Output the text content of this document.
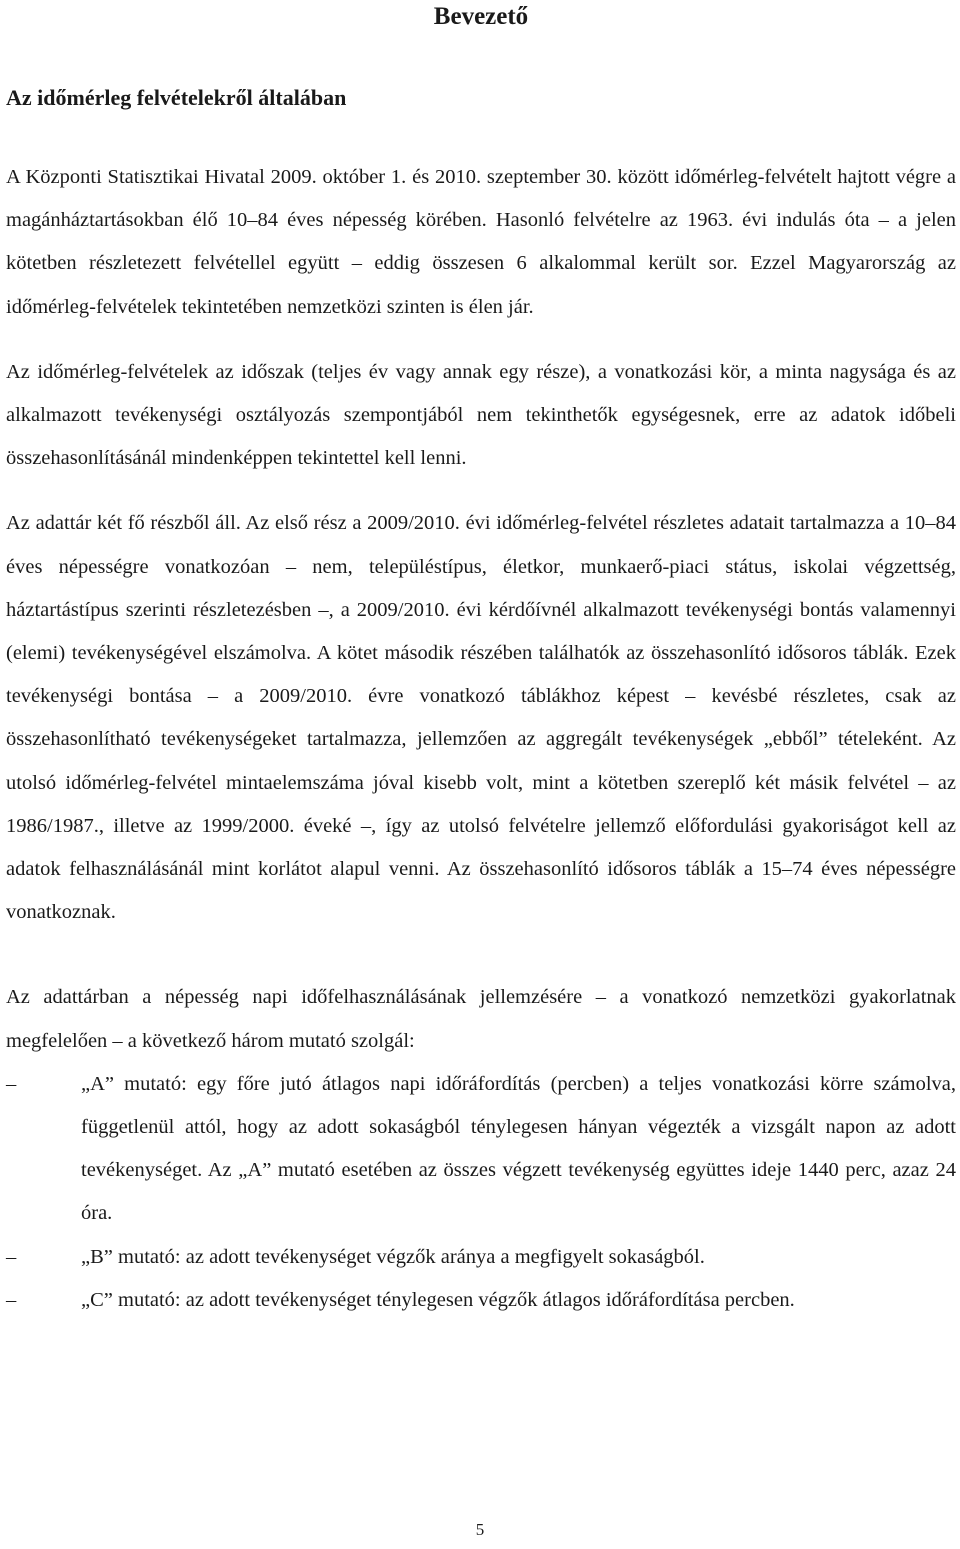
Bevezető
Az időmérleg felvételekről általában

A Központi Statisztikai Hivatal 2009. október 1. és 2010. szeptember 30. között időmérleg-felvételt hajtott végre a magánháztartásokban élő 10–84 éves népesség körében. Hasonló felvételre az 1963. évi indulás óta – a jelen kötetben részletezett felvétellel együtt – eddig összesen 6 alkalommal került sor. Ezzel Magyarország az időmérleg-felvételek tekintetében nemzetközi szinten is élen jár.

Az időmérleg-felvételek az időszak (teljes év vagy annak egy része), a vonatkozási kör, a minta nagysága és az alkalmazott tevékenységi osztályozás szempontjából nem tekinthetők egységesnek, erre az adatok időbeli összehasonlításánál mindenképpen tekintettel kell lenni.

Az adattár két fő részből áll. Az első rész a 2009/2010. évi időmérleg-felvétel részletes adatait tartalmazza a 10–84 éves népességre vonatkozóan – nem, településtípus, életkor, munkaerő-piaci státus, iskolai végzettség, háztartástípus szerinti részletezésben –, a 2009/2010. évi kérdőívnél alkalmazott tevékenységi bontás valamennyi (elemi) tevékenységével elszámolva. A kötet második részében találhatók az összehasonlító idősoros táblák. Ezek tevékenységi bontása – a 2009/2010. évre vonatkozó táblákhoz képest – kevésbé részletes, csak az összehasonlítható tevékenységeket tartalmazza, jellemzően az aggregált tevékenységek „ebből” tételeként. Az utolsó időmérleg-felvétel mintaelemszáma jóval kisebb volt, mint a kötetben szereplő két másik felvétel – az 1986/1987., illetve az 1999/2000. éveké –, így az utolsó felvételre jellemző előfordulási gyakoriságot kell az adatok felhasználásánál mint korlátot alapul venni. Az összehasonlító idősoros táblák a 15–74 éves népességre vonatkoznak.

Az adattárban a népesség napi időfelhasználásának jellemzésére – a vonatkozó nemzetközi gyakorlatnak megfelelően – a következő három mutató szolgál:

–	„A” mutató: egy főre jutó átlagos napi időráfordítás (percben) a teljes vonatkozási körre számolva, függetlenül attól, hogy az adott sokaságból ténylegesen hányan végezték a vizsgált napon az adott tevékenységet. Az „A” mutató esetében az összes végzett tevékenység együttes ideje 1440 perc, azaz 24 óra.
–	„B” mutató: az adott tevékenységet végzők aránya a megfigyelt sokaságból.
–	„C” mutató: az adott tevékenységet ténylegesen végzők átlagos időráfordítása percben.
5
